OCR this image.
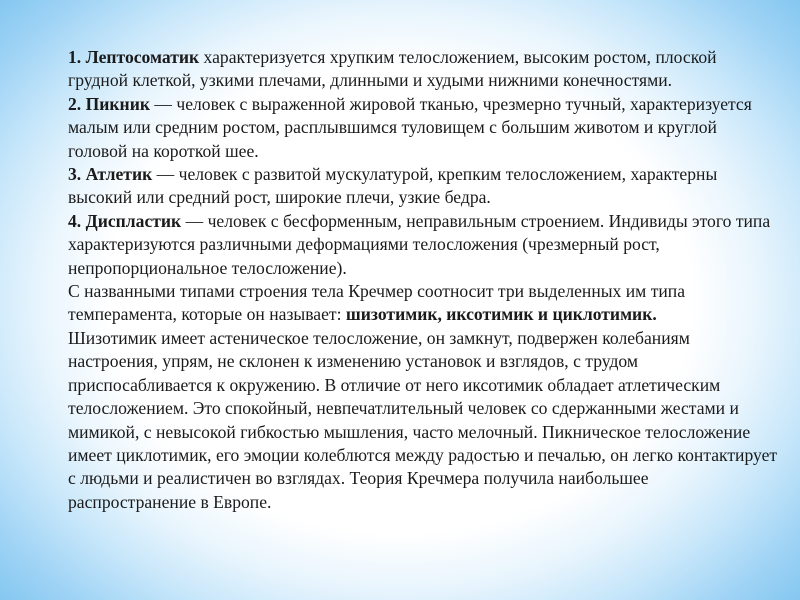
1. Лептосоматик характеризуется хрупким телосложением, высоким ростом, плоской грудной клеткой, узкими плечами, длинными и худыми нижними конечностями.

2. Пикник — человек с выраженной жировой тканью, чрезмерно тучный, характеризуется малым или средним ростом, расплывшимся туловищем с большим животом и круглой головой на короткой шее.

3. Атлетик — человек с развитой мускулатурой, крепким телосложением, характерны высокий или средний рост, широкие плечи, узкие бедра.

4. Диспластик — человек с бесформенным, неправильным строением. Индивиды этого типа характеризуются различными деформациями телосложения (чрезмерный рост, непропорциональное телосложение).

С названными типами строения тела Кречмер соотносит три выделенных им типа темперамента, которые он называет: шизотимик, иксотимик и циклотимик.

Шизотимик имеет астеническое телосложение, он замкнут, подвержен колебаниям настроения, упрям, не склонен к изменению установок и взглядов, с трудом приспосабливается к окружению. В отличие от него иксотимик обладает атлетическим телосложением. Это спокойный, невпечатлительный человек со сдержанными жестами и мимикой, с невысокой гибкостью мышления, часто мелочный. Пикническое телосложение имеет циклотимик, его эмоции колеблются между радостью и печалью, он легко контактирует с людьми и реалистичен во взглядах. Теория Кречмера получила наибольшее распространение в Европе.
